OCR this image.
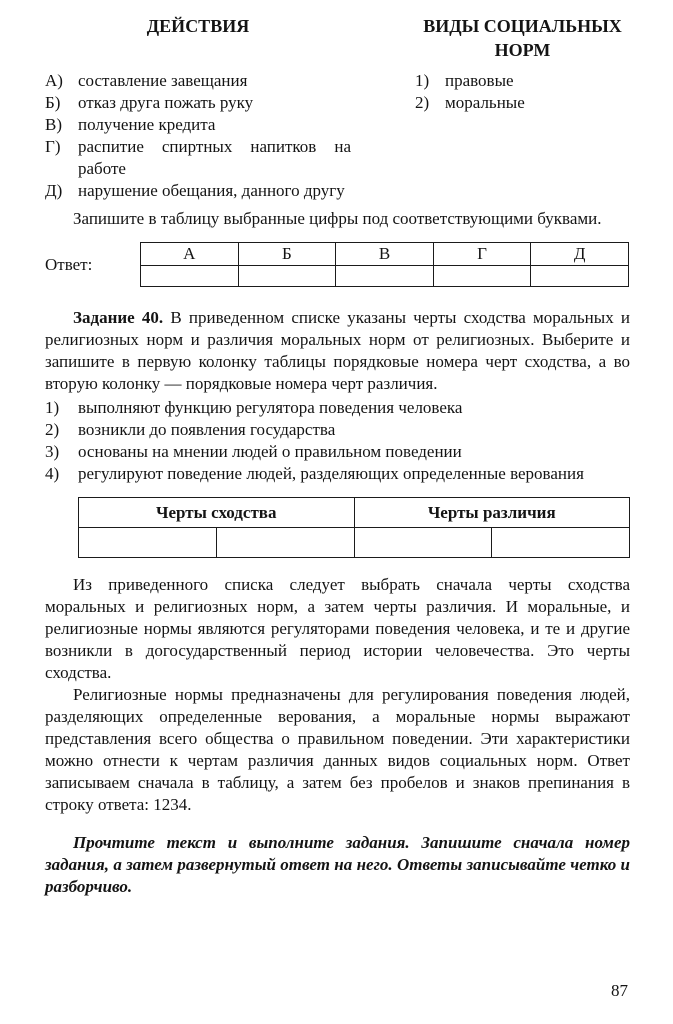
ДЕЙСТВИЯ
А) составление завещания
Б)	отказ друга пожать руку
В) получение кредита
Г)	распитие спиртных напитков на работе
Д) нарушение обещания, данного другу
ВИДЫ СОЦИАЛЬНЫХ НОРМ
1) правовые
2) моральные

Запишите в таблицу выбранные цифры под соответствующими буквами.

Ответ:
А	Б	В	Г	Д

Задание 40. В приведенном списке указаны черты сходства моральных и религиозных норм и различия моральных норм от религиозных. Выберите и запишите в первую колонку таблицы порядковые номера черт сходства, а во вторую колонку — порядковые номера черт различия.

1)	выполняют функцию регулятора поведения человека
2)	возникли до появления государства
3)	основаны на мнении людей о правильном поведении
4)	регулируют поведение людей, разделяющих определенные верования
Черты сходства		Черты различия	

Из приведенного списка следует выбрать сначала черты сходства моральных и религиозных норм, а затем черты различия. И моральные, и религиозные нормы являются регуляторами поведения человека, и те и другие возникли в догосударственный период истории человечества. Это черты сходства.

Религиозные нормы предназначены для регулирования поведения людей, разделяющих определенные верования, а моральные нормы выражают представления всего общества о правильном поведении. Эти характеристики можно отнести к чертам различия данных видов социальных норм. Ответ записываем сначала в таблицу, а затем без пробелов и знаков препинания в строку ответа: 1234.

Прочтите текст и выполните задания. Запишите сначала номер задания, а затем развернутый ответ на него. Ответы записывайте четко и разборчиво.

87
